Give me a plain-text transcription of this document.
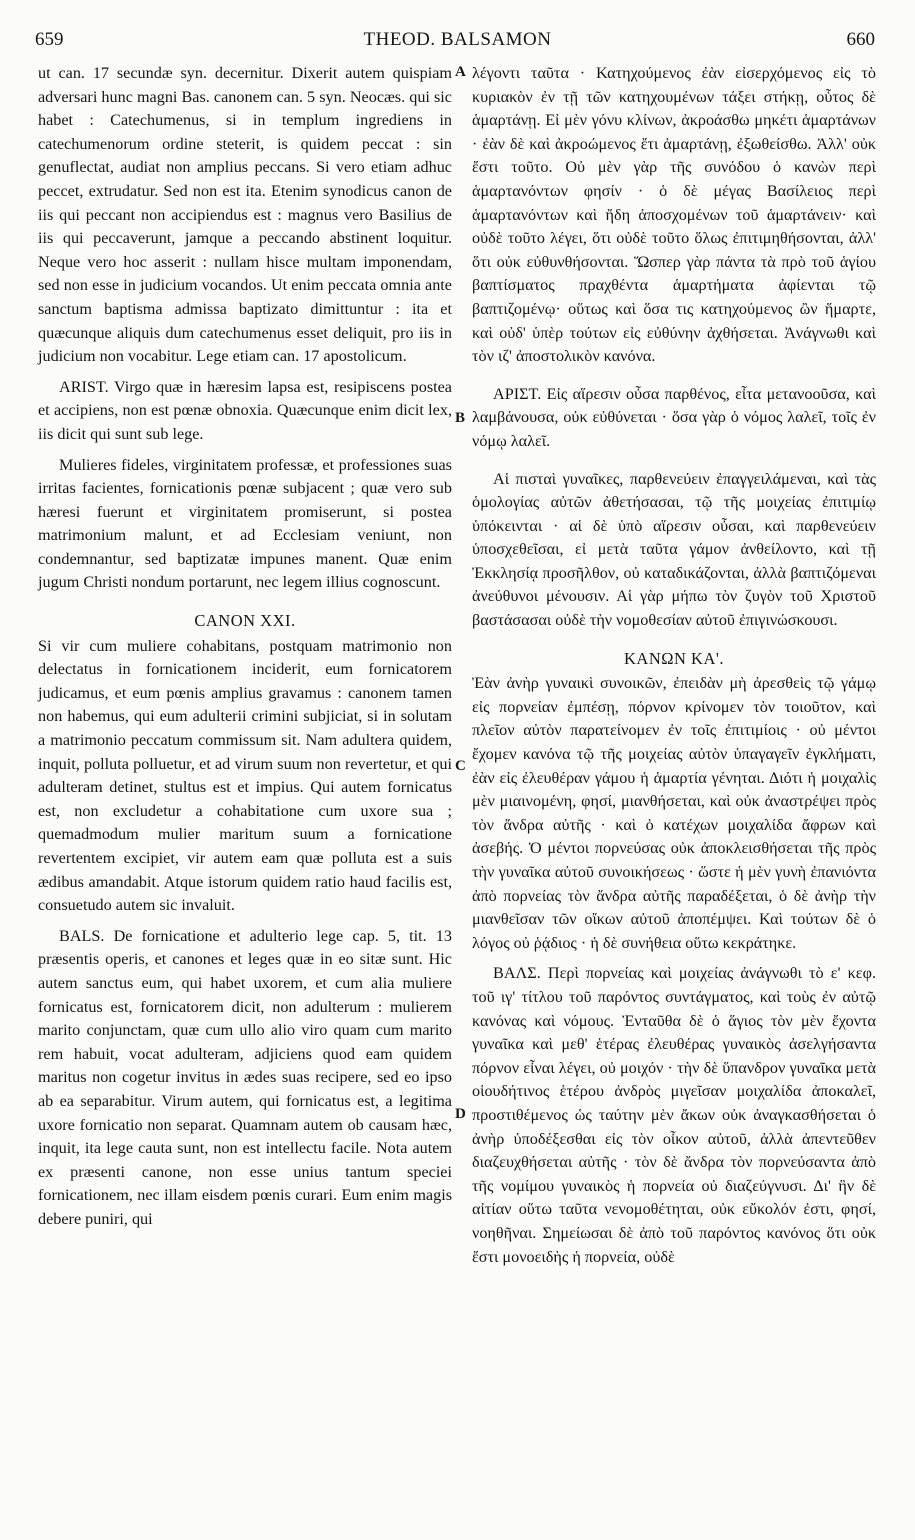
659	THEOD. BALSAMON	660
A
B
C
D

ut can. 17 secundæ syn. decernitur. Dixerit autem quispiam adversari hunc magni Bas. canonem can. 5 syn. Neocæs. qui sic habet : Catechumenus, si in templum ingrediens in catechumenorum ordine steterit, is quidem peccat : sin genuflectat, audiat non amplius peccans. Si vero etiam adhuc peccet, extrudatur. Sed non est ita. Etenim synodicus canon de iis qui peccant non accipiendus est : magnus vero Basilius de iis qui peccaverunt, jamque a peccando abstinent loquitur. Neque vero hoc asserit : nullam hisce multam imponendam, sed non esse in judicium vocandos. Ut enim peccata omnia ante sanctum baptisma admissa baptizato dimittuntur : ita et quæcunque aliquis dum catechumenus esset deliquit, pro iis in judicium non vocabitur. Lege etiam can. 17 apostolicum.

ARIST. Virgo quæ in hæresim lapsa est, resipiscens postea et accipiens, non est pœnæ obnoxia. Quæcunque enim dicit lex, iis dicit qui sunt sub lege.

Mulieres fideles, virginitatem professæ, et professiones suas irritas facientes, fornicationis pœnæ subjacent ; quæ vero sub hæresi fuerunt et virginitatem promiserunt, si postea matrimonium malunt, et ad Ecclesiam veniunt, non condemnantur, sed baptizatæ impunes manent. Quæ enim jugum Christi nondum portarunt, nec legem illius cognoscunt.

CANON XXI.

Si vir cum muliere cohabitans, postquam matrimonio non delectatus in fornicationem inciderit, eum fornicatorem judicamus, et eum pœnis amplius gravamus : canonem tamen non habemus, qui eum adulterii crimini subjiciat, si in solutam a matrimonio peccatum commissum sit. Nam adultera quidem, inquit, polluta polluetur, et ad virum suum non revertetur, et qui adulteram detinet, stultus est et impius. Qui autem fornicatus est, non excludetur a cohabitatione cum uxore sua ; quemadmodum mulier maritum suum a fornicatione revertentem excipiet, vir autem eam quæ polluta est a suis ædibus amandabit. Atque istorum quidem ratio haud facilis est, consuetudo autem sic invaluit.

BALS. De fornicatione et adulterio lege cap. 5, tit. 13 præsentis operis, et canones et leges quæ in eo sitæ sunt. Hic autem sanctus eum, qui habet uxorem, et cum alia muliere fornicatus est, fornicatorem dicit, non adulterum : mulierem marito conjunctam, quæ cum ullo alio viro quam cum marito rem habuit, vocat adulteram, adjiciens quod eam quidem maritus non cogetur invitus in ædes suas recipere, sed eo ipso ab ea separabitur. Virum autem, qui fornicatus est, a legitima uxore fornicatio non separat. Quamnam autem ob causam hæc, inquit, ita lege cauta sunt, non est intellectu facile. Nota autem ex præsenti canone, non esse unius tantum speciei fornicationem, nec illam eisdem pœnis curari. Eum enim magis debere puniri, qui

λέγοντι ταῦτα · Κατηχούμενος ἐὰν εἰσερχόμενος εἰς τὸ κυριακὸν ἐν τῇ τῶν κατηχουμένων τάξει στήκῃ, οὗτος δὲ ἁμαρτάνῃ. Εἰ μὲν γόνυ κλίνων, ἀκροάσθω μηκέτι ἁμαρτάνων · ἐὰν δὲ καὶ ἀκροώμενος ἔτι ἁμαρτάνῃ, ἐξωθείσθω. Ἀλλ' οὐκ ἔστι τοῦτο. Οὐ μὲν γὰρ τῆς συνόδου ὁ κανὼν περὶ ἁμαρτανόντων φησίν · ὁ δὲ μέγας Βασίλειος περὶ ἁμαρτανόντων καὶ ἤδη ἀποσχομένων τοῦ ἁμαρτάνειν· καὶ οὐδὲ τοῦτο λέγει, ὅτι οὐδὲ τοῦτο ὅλως ἐπιτιμηθήσονται, ἀλλ' ὅτι οὐκ εὐθυνθήσονται. Ὥσπερ γὰρ πάντα τὰ πρὸ τοῦ ἁγίου βαπτίσματος πραχθέντα ἁμαρτήματα ἀφίενται τῷ βαπτιζομένῳ· οὕτως καὶ ὅσα τις κατηχούμενος ὢν ἥμαρτε, καὶ οὐδ' ὑπὲρ τούτων εἰς εὐθύνην ἀχθήσεται. Ἀνάγνωθι καὶ τὸν ιζ' ἀποστολικὸν κανόνα.

ΑΡΙΣΤ. Εἰς αἵρεσιν οὖσα παρθένος, εἶτα μετανοοῦσα, καὶ λαμβάνουσα, οὐκ εὐθύνεται · ὅσα γὰρ ὁ νόμος λαλεῖ, τοῖς ἐν νόμῳ λαλεῖ.

Αἱ πισταὶ γυναῖκες, παρθενεύειν ἐπαγγειλάμεναι, καὶ τὰς ὁμολογίας αὐτῶν ἀθετήσασαι, τῷ τῆς μοιχείας ἐπιτιμίῳ ὑπόκεινται · αἱ δὲ ὑπὸ αἵρεσιν οὖσαι, καὶ παρθενεύειν ὑποσχεθεῖσαι, εἰ μετὰ ταῦτα γάμον ἀνθείλοντο, καὶ τῇ Ἐκκλησίᾳ προσῆλθον, οὐ καταδικάζονται, ἀλλὰ βαπτιζόμεναι ἀνεύθυνοι μένουσιν. Αἱ γὰρ μήπω τὸν ζυγὸν τοῦ Χριστοῦ βαστάσασαι οὐδὲ τὴν νομοθεσίαν αὐτοῦ ἐπιγινώσκουσι.

ΚΑΝΩΝ ΚΑ'.

Ἐὰν ἀνὴρ γυναικὶ συνοικῶν, ἐπειδὰν μὴ ἀρεσθεὶς τῷ γάμῳ εἰς πορνείαν ἐμπέσῃ, πόρνον κρίνομεν τὸν τοιοῦτον, καὶ πλεῖον αὐτὸν παρατείνομεν ἐν τοῖς ἐπιτιμίοις · οὐ μέντοι ἔχομεν κανόνα τῷ τῆς μοιχείας αὐτὸν ὑπαγαγεῖν ἐγκλήματι, ἐὰν εἰς ἐλευθέραν γάμου ἡ ἁμαρτία γένηται. Διότι ἡ μοιχαλὶς μὲν μιαινομένη, φησί, μιανθήσεται, καὶ οὐκ ἀναστρέψει πρὸς τὸν ἄνδρα αὐτῆς · καὶ ὁ κατέχων μοιχαλίδα ἄφρων καὶ ἀσεβής. Ὁ μέντοι πορνεύσας οὐκ ἀποκλεισθήσεται τῆς πρὸς τὴν γυναῖκα αὐτοῦ συνοικήσεως · ὥστε ἡ μὲν γυνὴ ἐπανιόντα ἀπὸ πορνείας τὸν ἄνδρα αὐτῆς παραδέξεται, ὁ δὲ ἀνὴρ τὴν μιανθεῖσαν τῶν οἴκων αὐτοῦ ἀποπέμψει. Καὶ τούτων δὲ ὁ λόγος οὐ ῥᾴδιος · ἡ δὲ συνήθεια οὕτω κεκράτηκε.

ΒΑΛΣ. Περὶ πορνείας καὶ μοιχείας ἀνάγνωθι τὸ ε' κεφ. τοῦ ιγ' τίτλου τοῦ παρόντος συντάγματος, καὶ τοὺς ἐν αὐτῷ κανόνας καὶ νόμους. Ἐνταῦθα δὲ ὁ ἅγιος τὸν μὲν ἔχοντα γυναῖκα καὶ μεθ' ἑτέρας ἐλευθέρας γυναικὸς ἀσελγήσαντα πόρνον εἶναι λέγει, οὐ μοιχόν · τὴν δὲ ὕπανδρον γυναῖκα μετὰ οἱουδήτινος ἑτέρου ἀνδρὸς μιγεῖσαν μοιχαλίδα ἀποκαλεῖ, προστιθέμενος ὡς ταύτην μὲν ἄκων οὐκ ἀναγκασθήσεται ὁ ἀνὴρ ὑποδέξεσθαι εἰς τὸν οἶκον αὐτοῦ, ἀλλὰ ἀπεντεῦθεν διαζευχθήσεται αὐτῆς · τὸν δὲ ἄνδρα τὸν πορνεύσαντα ἀπὸ τῆς νομίμου γυναικὸς ἡ πορνεία οὐ διαζεύγνυσι. Δι' ἣν δὲ αἰτίαν οὕτω ταῦτα νενομοθέτηται, οὐκ εὔκολόν ἐστι, φησί, νοηθῆναι. Σημείωσαι δὲ ἀπὸ τοῦ παρόντος κανόνος ὅτι οὐκ ἔστι μονοειδὴς ἡ πορνεία, οὐδὲ
